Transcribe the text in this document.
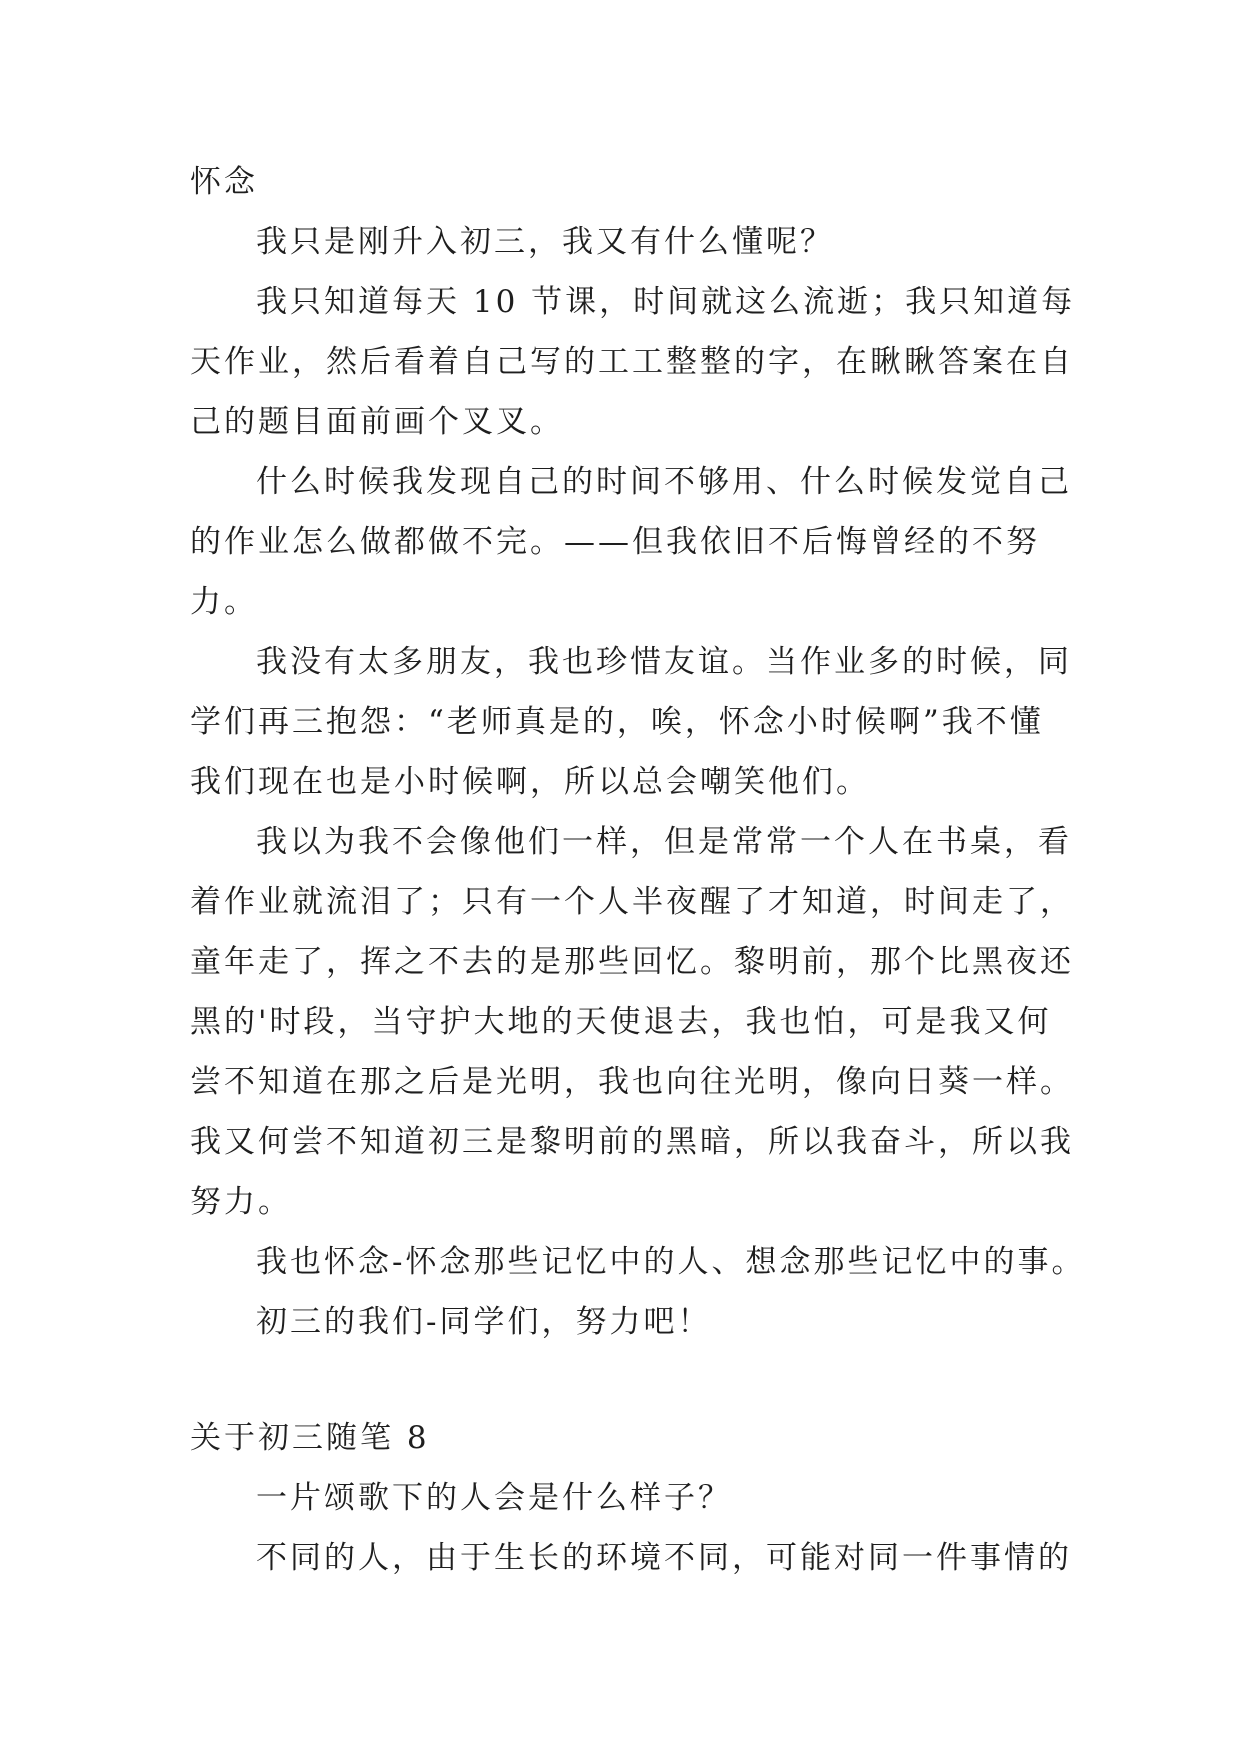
怀念
我只是刚升入初三，我又有什么懂呢？
我只知道每天 10 节课，时间就这么流逝；我只知道每
天作业，然后看着自己写的工工整整的字，在瞅瞅答案在自
己的题目面前画个叉叉。
什么时候我发现自己的时间不够用、什么时候发觉自己
的作业怎么做都做不完。——但我依旧不后悔曾经的不努
力。
我没有太多朋友，我也珍惜友谊。当作业多的时候，同
学们再三抱怨：“老师真是的，唉，怀念小时候啊”我不懂
我们现在也是小时候啊，所以总会嘲笑他们。
我以为我不会像他们一样，但是常常一个人在书桌，看
着作业就流泪了；只有一个人半夜醒了才知道，时间走了，
童年走了，挥之不去的是那些回忆。黎明前，那个比黑夜还
黑的'时段，当守护大地的天使退去，我也怕，可是我又何
尝不知道在那之后是光明，我也向往光明，像向日葵一样。
我又何尝不知道初三是黎明前的黑暗，所以我奋斗，所以我
努力。
我也怀念-怀念那些记忆中的人、想念那些记忆中的事。
初三的我们-同学们，努力吧！
关于初三随笔 8
一片颂歌下的人会是什么样子？
不同的人，由于生长的环境不同，可能对同一件事情的
